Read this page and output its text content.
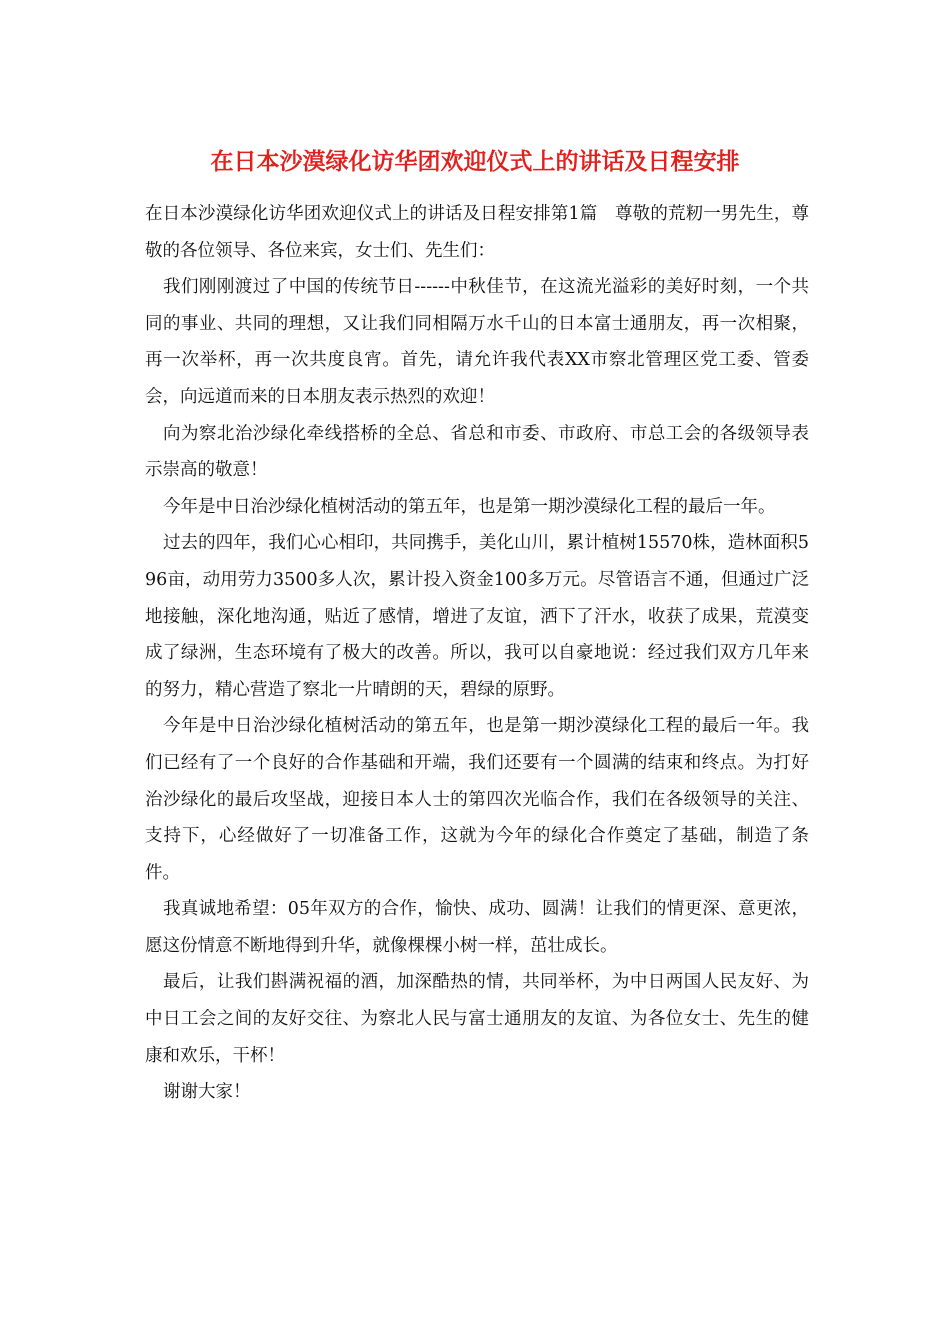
在日本沙漠绿化访华团欢迎仪式上的讲话及日程安排

在日本沙漠绿化访华团欢迎仪式上的讲话及日程安排第1篇　尊敬的荒籾一男先生，尊敬的各位领导、各位来宾，女士们、先生们：

我们刚刚渡过了中国的传统节日------中秋佳节，在这流光溢彩的美好时刻，一个共同的事业、共同的理想，又让我们同相隔万水千山的日本富士通朋友，再一次相聚，再一次举杯，再一次共度良宵。首先，请允许我代表XX市察北管理区党工委、管委会，向远道而来的日本朋友表示热烈的欢迎！

向为察北治沙绿化牵线搭桥的全总、省总和市委、市政府、市总工会的各级领导表示崇高的敬意！

今年是中日治沙绿化植树活动的第五年，也是第一期沙漠绿化工程的最后一年。

过去的四年，我们心心相印，共同携手，美化山川，累计植树15570株，造林面积596亩，动用劳力3500多人次，累计投入资金100多万元。尽管语言不通，但通过广泛地接触，深化地沟通，贴近了感情，增进了友谊，洒下了汗水，收获了成果，荒漠变成了绿洲，生态环境有了极大的改善。所以，我可以自豪地说：经过我们双方几年来的努力，精心营造了察北一片晴朗的天，碧绿的原野。

今年是中日治沙绿化植树活动的第五年，也是第一期沙漠绿化工程的最后一年。我们已经有了一个良好的合作基础和开端，我们还要有一个圆满的结束和终点。为打好治沙绿化的最后攻坚战，迎接日本人士的第四次光临合作，我们在各级领导的关注、支持下，心经做好了一切准备工作，这就为今年的绿化合作奠定了基础，制造了条件。

我真诚地希望：05年双方的合作，愉快、成功、圆满！让我们的情更深、意更浓，愿这份情意不断地得到升华，就像棵棵小树一样，茁壮成长。

最后，让我们斟满祝福的酒，加深酷热的情，共同举杯，为中日两国人民友好、为中日工会之间的友好交往、为察北人民与富士通朋友的友谊、为各位女士、先生的健康和欢乐，干杯！

谢谢大家！
